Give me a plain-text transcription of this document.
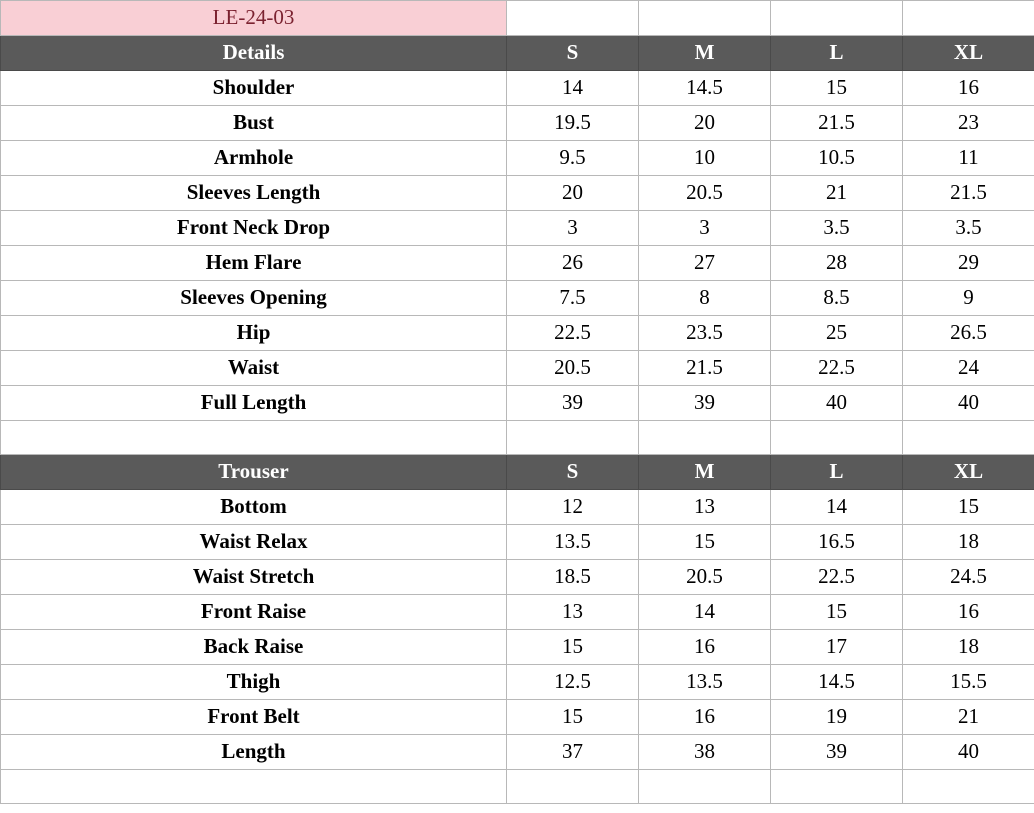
LE-24-03				
Details	S	M	L	XL
Shoulder	14	14.5	15	16
Bust	19.5	20	21.5	23
Armhole	9.5	10	10.5	11
Sleeves Length	20	20.5	21	21.5
Front Neck Drop	3	3	3.5	3.5
Hem Flare	26	27	28	29
Sleeves Opening	7.5	8	8.5	9
Hip	22.5	23.5	25	26.5
Waist	20.5	21.5	22.5	24
Full Length	39	39	40	40

Trouser	S	M	L	XL
Bottom	12	13	14	15
Waist Relax	13.5	15	16.5	18
Waist Stretch	18.5	20.5	22.5	24.5
Front Raise	13	14	15	16
Back Raise	15	16	17	18
Thigh	12.5	13.5	14.5	15.5
Front Belt	15	16	19	21
Length	37	38	39	40
